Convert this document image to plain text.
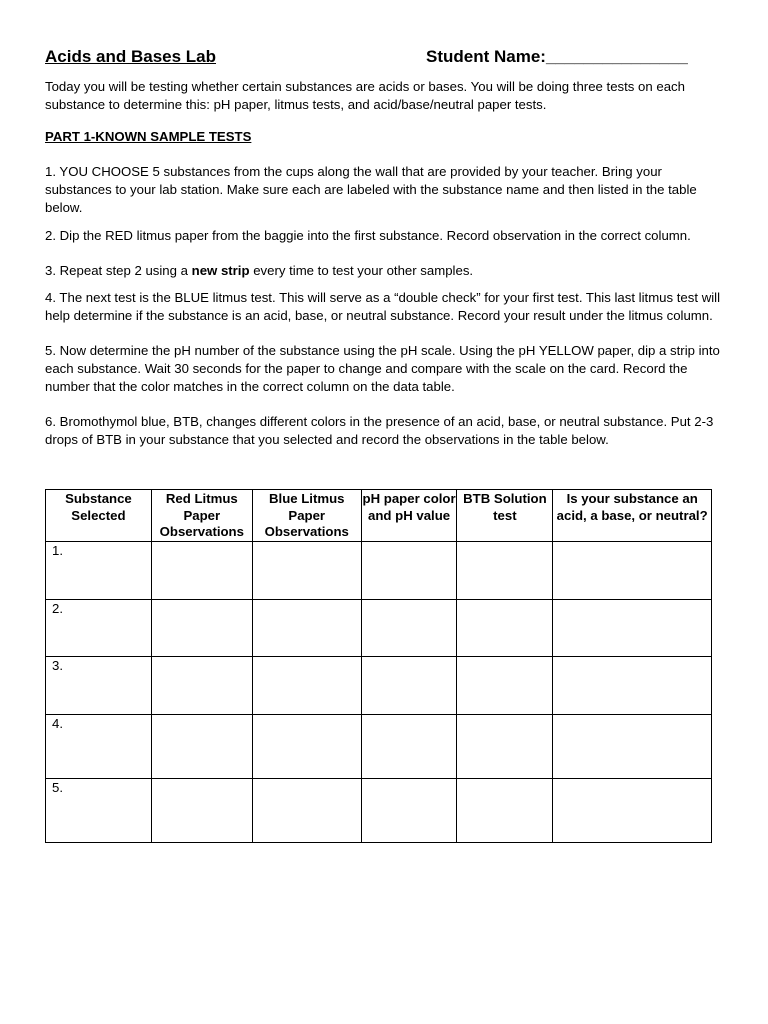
Acids and Bases Lab	Student Name:_______________

Today you will be testing whether certain substances are acids or bases. You will be doing three tests on each substance to determine this: pH paper, litmus tests, and acid/base/neutral paper tests.

PART 1-KNOWN SAMPLE TESTS

1. YOU CHOOSE 5 substances from the cups along the wall that are provided by your teacher. Bring your substances to your lab station. Make sure each are labeled with the substance name and then listed in the table below.

2. Dip the RED litmus paper from the baggie into the first substance. Record observation in the correct column.

3. Repeat step 2 using a new strip every time to test your other samples.

4. The next test is the BLUE litmus test. This will serve as a “double check” for your first test. This last litmus test will help determine if the substance is an acid, base, or neutral substance. Record your result under the litmus column.

5. Now determine the pH number of the substance using the pH scale. Using the pH YELLOW paper, dip a strip into each substance. Wait 30 seconds for the paper to change and compare with the scale on the card. Record the number that the color matches in the correct column on the data table.

6. Bromothymol blue, BTB, changes different colors in the presence of an acid, base, or neutral substance. Put 2-3 drops of BTB in your substance that you selected and record the observations in the table below.

Substance Selected	Red Litmus Paper Observations	Blue Litmus Paper Observations	pH paper color and pH value	BTB Solution test	Is your substance an acid, a base, or neutral?
1.					
2.					
3.					
4.					
5.					
